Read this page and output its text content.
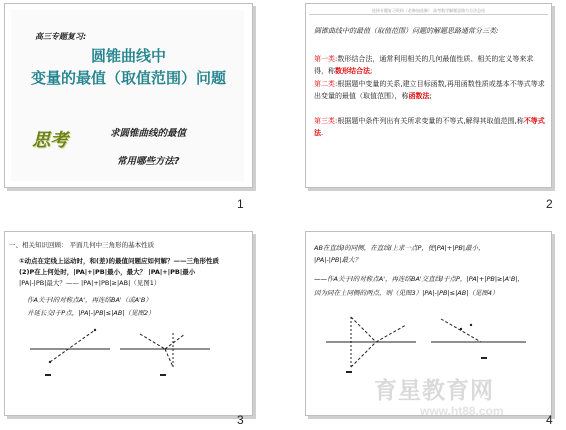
高三专题复习:
圆锥曲线中
变量的最值（取值范围）问题
思考	求圆锥曲线的最值
常用哪些方法?
1
选择专题复习资料（必修加选修） 高考数学解题思路与方法总结
圆锥曲线中的最值（取值范围）问题的解题思路通常分三类:
第一类:数形结合法，通常利用相关的几何最值性质、相关的定义等来求得，称数形结合法;
第二类:根据题中变量的关系,建立目标函数,再用函数性质或基本不等式等求出变量的最值（取值范围），称函数法;
第三类:根据题中条件列出有关所求变量的不等式,解得其取值范围,称不等式法.
2
一、相关知识回顾： 平面几何中三角形的基本性质
①动点在定线上运动时，和(差)的最值问题应如何解？——三角形性质
(2)P在上何处时，|PA|+|PB|最小，最大？ |PA|+|PB|最小
|PA|-|PB|最大？—— |PA|+|PB|≥|AB|（见图1）
作A关于l的对称点A'，再连结BA'（或A'B）
并延长交l于P点，|PA|-|PB|≤|AB|（见图2）
3
AB在直线l的同侧，在直线l上求一点P，使|PA|+|PB|最小，
|PA|-|PB|最大？
——作A关于l的对称点A'，再连结BA'交直线l于点P，|PA|+|PB|≥|A'B|，
因为同在上同侧的两点，则（见图3）|PA|-|PB|≤|AB|（见图4）
4
育星教育网
www.ht88.com
